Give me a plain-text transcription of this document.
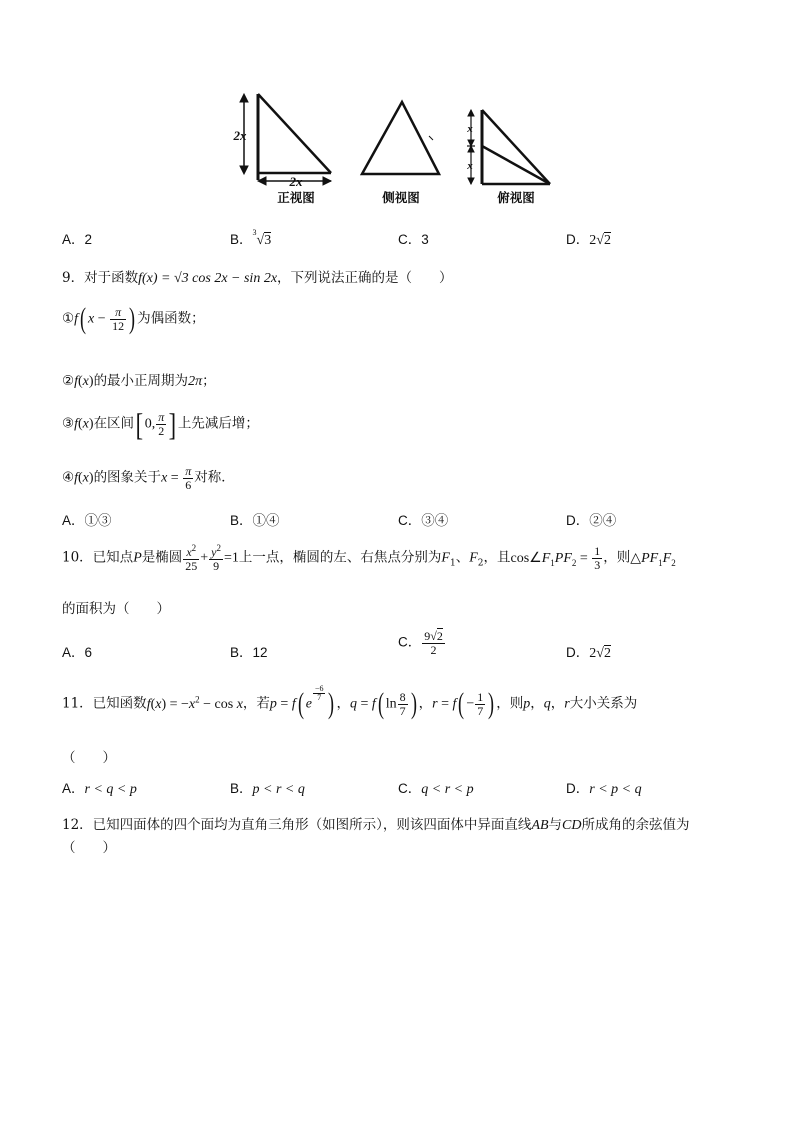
2x
2x
正视图	侧视图
x
x
俯视图
A．2	B．$^3$√3	C．3	D．2√2
9．对于函数f(x) = √3 cos 2x − sin 2x，下列说法正确的是（　　）
①f( $x - \frac{\pi}{12}$ ) 为偶函数；
②f(x)的最小正周期为2π；
③f(x)在区间[ 0, $\frac{\pi}{2}$ ] 上先减后增；
④f(x)的图象关于$x = \frac{\pi}{6}$ 对称．
A．①③	B．①④	C．③④	D．②④
10．已知点P是椭圆 $\frac{x^2}{25} + \frac{y^2}{9} =1$上一点，椭圆的左、右焦点分别为$F_1$、$F_2$，且$\cos\angle F_1PF_2 = \frac{1}{3}$ ，则$\triangle PF_1F_2$
的面积为（　　）
A．6	B．12
C． $\frac{9√2}{2}$	D．2√2
11．已知函数$f(x) = -x^2 - \cos x$，若p = f( e
$^{\frac{-6}{7}}$ ) ，q = f( $\ln \frac{8}{7}$ ) ，$r = f( - \frac{1}{7}$ ) ，则p，q，r大小关系为
（　　）
A．r < q < p	B．p < r < q	C．q < r < p	D．r < p < q
12．已知四面体的四个面均为直角三角形（如图所示），则该四面体中异面直线AB与CD所成角的余弦值为
（　　）
